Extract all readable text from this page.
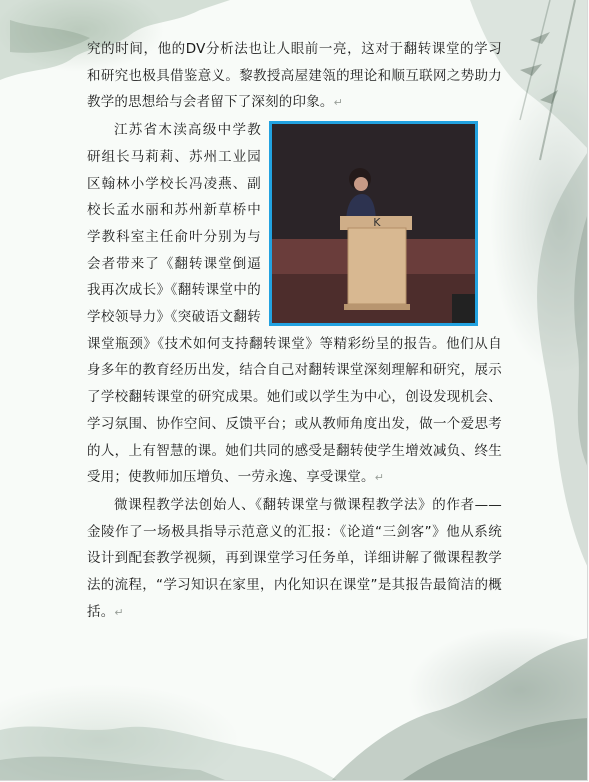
究的时间，他的DV分析法也让人眼前一亮，这对于翻转课堂的学习和研究也极具借鉴意义。黎教授高屋建瓴的理论和顺互联网之势助力教学的思想给与会者留下了深刻的印象。↵

K
江苏省木渎高级中学教研组长马莉莉、苏州工业园区翰林小学校长冯凌燕、副校长孟水丽和苏州新草桥中学教科室主任俞叶分别为与会者带来了《翻转课堂倒逼我再次成长》《翻转课堂中的学校领导力》《突破语文翻转课堂瓶颈》《技术如何支持翻转课堂》等精彩纷呈的报告。他们从自身多年的教育经历出发，结合自己对翻转课堂深刻理解和研究，展示了学校翻转课堂的研究成果。她们或以学生为中心，创设发现机会、学习氛围、协作空间、反馈平台；或从教师角度出发，做一个爱思考的人，上有智慧的课。她们共同的感受是翻转使学生增效减负、终生受用；使教师加压增负、一劳永逸、享受课堂。↵

微课程教学法创始人、《翻转课堂与微课程教学法》的作者——金陵作了一场极具指导示范意义的汇报：《论道“三剑客”》他从系统设计到配套教学视频，再到课堂学习任务单，详细讲解了微课程教学法的流程，“学习知识在家里，内化知识在课堂”是其报告最简洁的概括。↵
